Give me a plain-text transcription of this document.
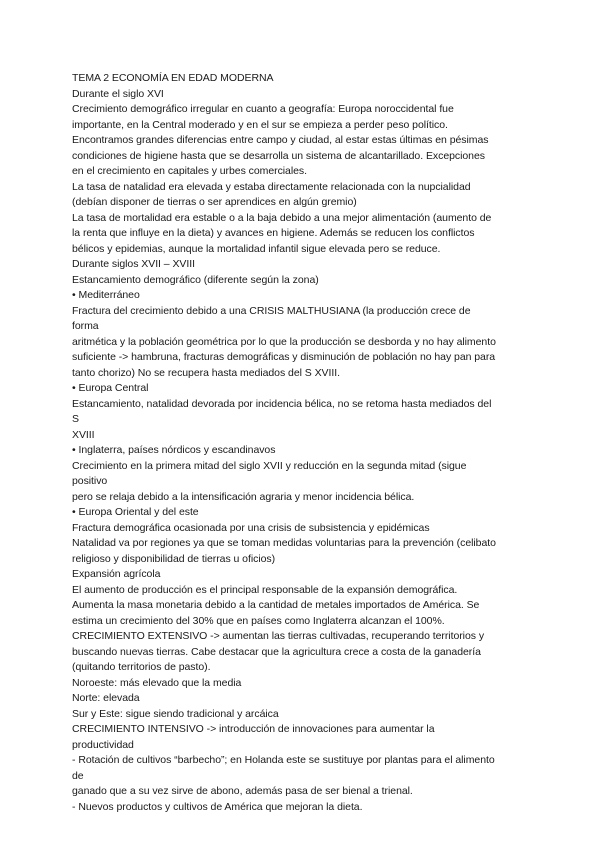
TEMA 2 ECONOMÍA EN EDAD MODERNA
Durante el siglo XVI
Crecimiento demográfico irregular en cuanto a geografía: Europa noroccidental fue
importante, en la Central moderado y en el sur se empieza a perder peso político.
Encontramos grandes diferencias entre campo y ciudad, al estar estas últimas en pésimas
condiciones de higiene hasta que se desarrolla un sistema de alcantarillado. Excepciones
en el crecimiento en capitales y urbes comerciales.
La tasa de natalidad era elevada y estaba directamente relacionada con la nupcialidad
(debían disponer de tierras o ser aprendices en algún gremio)
La tasa de mortalidad era estable o a la baja debido a una mejor alimentación (aumento de
la renta que influye en la dieta) y avances en higiene. Además se reducen los conflictos
bélicos y epidemias, aunque la mortalidad infantil sigue elevada pero se reduce.
Durante siglos XVII – XVIII
Estancamiento demográfico (diferente según la zona)
• Mediterráneo
Fractura del crecimiento debido a una CRISIS MALTHUSIANA (la producción crece de
forma
aritmética y la población geométrica por lo que la producción se desborda y no hay alimento
suficiente -> hambruna, fracturas demográficas y disminución de población no hay pan para
tanto chorizo) No se recupera hasta mediados del S XVIII.
• Europa Central
Estancamiento, natalidad devorada por incidencia bélica, no se retoma hasta mediados del
S
XVIII
• Inglaterra, países nórdicos y escandinavos
Crecimiento en la primera mitad del siglo XVII y reducción en la segunda mitad (sigue
positivo
pero se relaja debido a la intensificación agraria y menor incidencia bélica.
• Europa Oriental y del este
Fractura demográfica ocasionada por una crisis de subsistencia y epidémicas
Natalidad va por regiones ya que se toman medidas voluntarias para la prevención (celibato
religioso y disponibilidad de tierras u oficios)
Expansión agrícola
El aumento de producción es el principal responsable de la expansión demográfica.
Aumenta la masa monetaria debido a la cantidad de metales importados de América. Se
estima un crecimiento del 30% que en países como Inglaterra alcanzan el 100%.
CRECIMIENTO EXTENSIVO -> aumentan las tierras cultivadas, recuperando territorios y
buscando nuevas tierras. Cabe destacar que la agricultura crece a costa de la ganadería
(quitando territorios de pasto).
Noroeste: más elevado que la media
Norte: elevada
Sur y Este: sigue siendo tradicional y arcáica
CRECIMIENTO INTENSIVO -> introducción de innovaciones para aumentar la
productividad
- Rotación de cultivos “barbecho”; en Holanda este se sustituye por plantas para el alimento
de
ganado que a su vez sirve de abono, además pasa de ser bienal a trienal.
- Nuevos productos y cultivos de América que mejoran la dieta.
